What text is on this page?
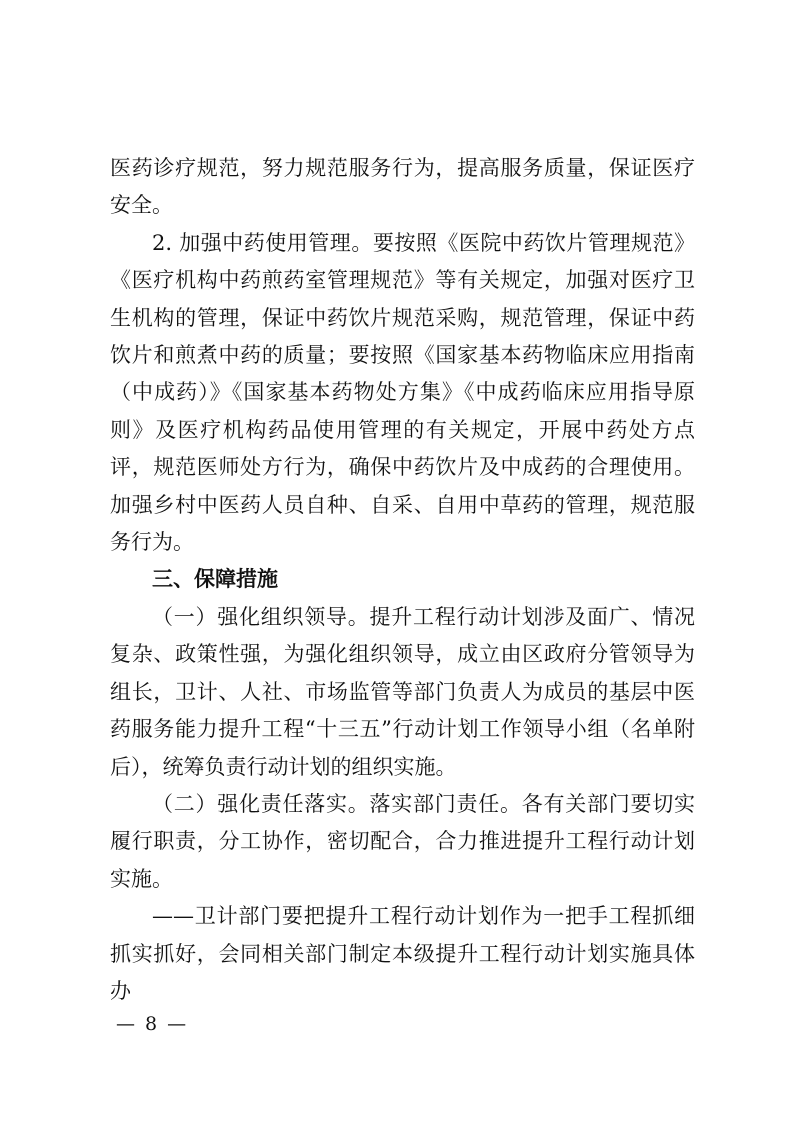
医药诊疗规范，努力规范服务行为，提高服务质量，保证医疗安全。

2. 加强中药使用管理。要按照《医院中药饮片管理规范》《医疗机构中药煎药室管理规范》等有关规定，加强对医疗卫生机构的管理，保证中药饮片规范采购，规范管理，保证中药饮片和煎煮中药的质量；要按照《国家基本药物临床应用指南（中成药）》《国家基本药物处方集》《中成药临床应用指导原则》及医疗机构药品使用管理的有关规定，开展中药处方点评，规范医师处方行为，确保中药饮片及中成药的合理使用。加强乡村中医药人员自种、自采、自用中草药的管理，规范服务行为。

三、保障措施

（一）强化组织领导。提升工程行动计划涉及面广、情况复杂、政策性强，为强化组织领导，成立由区政府分管领导为组长，卫计、人社、市场监管等部门负责人为成员的基层中医药服务能力提升工程“十三五”行动计划工作领导小组（名单附后），统筹负责行动计划的组织实施。

（二）强化责任落实。落实部门责任。各有关部门要切实履行职责，分工协作，密切配合，合力推进提升工程行动计划实施。

——卫计部门要把提升工程行动计划作为一把手工程抓细抓实抓好，会同相关部门制定本级提升工程行动计划实施具体办

— 8 —
